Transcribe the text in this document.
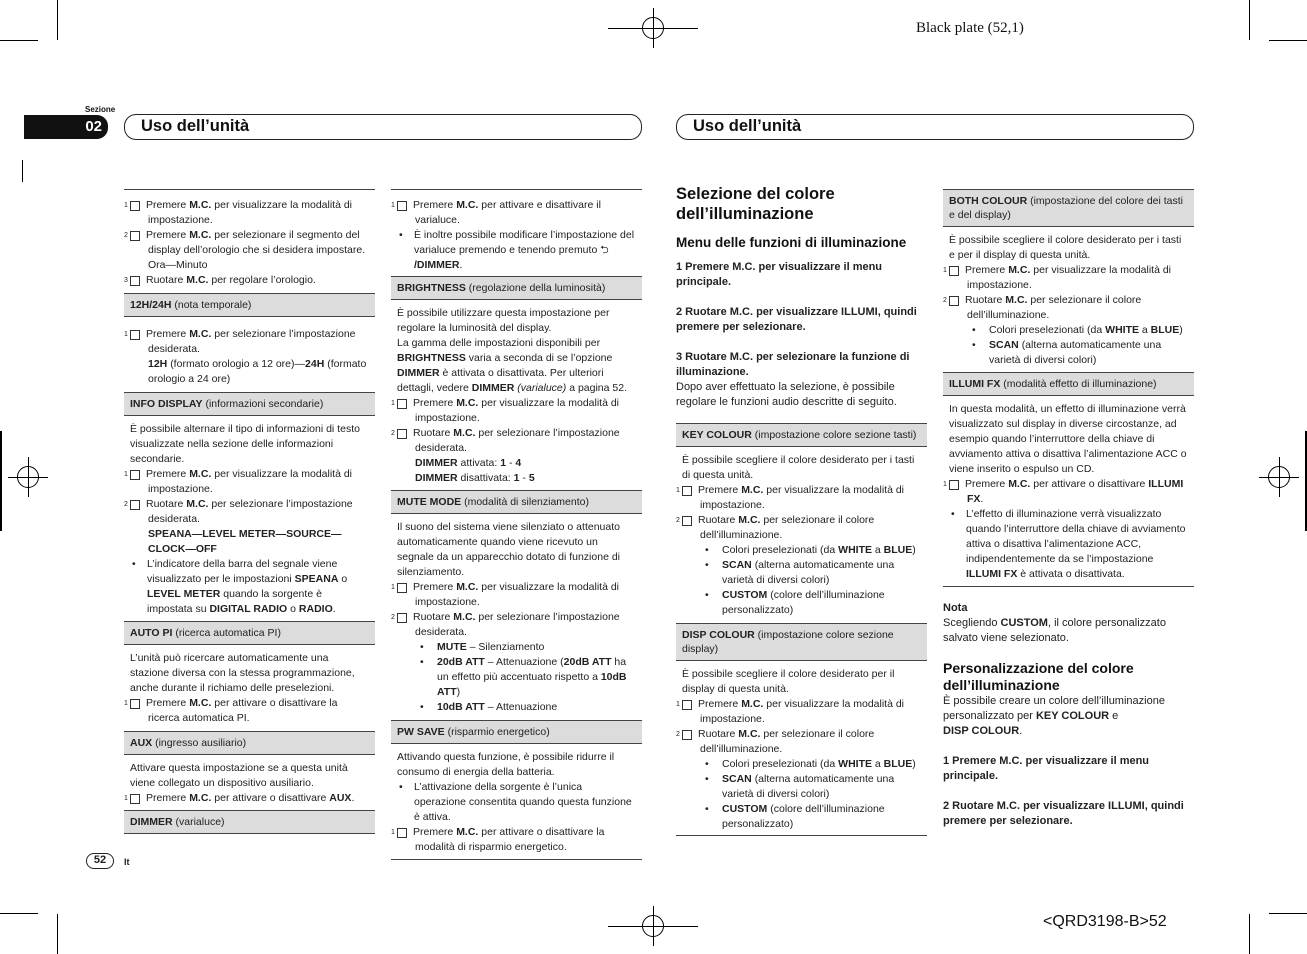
Black plate (52,1)
Sezione
02	Uso dell’unità	Uso dell’unità

1 Premere M.C. per visualizzare la modalità di impostazione.

2 Premere M.C. per selezionare il segmento del display dell’orologio che si desidera impostare.
Ora—Minuto

3 Ruotare M.C. per regolare l’orologio.

12H/24H (nota temporale)

1 Premere M.C. per selezionare l’impostazione desiderata.
12H (formato orologio a 12 ore)—24H (formato orologio a 24 ore)

INFO DISPLAY (informazioni secondarie)

È possibile alternare il tipo di informazioni di testo visualizzate nella sezione delle informazioni secondarie.

1 Premere M.C. per visualizzare la modalità di impostazione.

2 Ruotare M.C. per selezionare l’impostazione desiderata.
SPEANA—LEVEL METER—SOURCE—CLOCK—OFF

• L’indicatore della barra del segnale viene visualizzato per le impostazioni SPEANA o LEVEL METER quando la sorgente è impostata su DIGITAL RADIO o RADIO.

AUTO PI (ricerca automatica PI)

L’unità può ricercare automaticamente una stazione diversa con la stessa programmazione, anche durante il richiamo delle preselezioni.

1 Premere M.C. per attivare o disattivare la ricerca automatica PI.

AUX (ingresso ausiliario)

Attivare questa impostazione se a questa unità viene collegato un dispositivo ausiliario.

1 Premere M.C. per attivare o disattivare AUX.

DIMMER (varialuce)

1 Premere M.C. per attivare e disattivare il varialuce.

• È inoltre possibile modificare l’impostazione del varialuce premendo e tenendo premuto ⮌
/DIMMER.

BRIGHTNESS (regolazione della luminosità)

È possibile utilizzare questa impostazione per regolare la luminosità del display.

La gamma delle impostazioni disponibili per BRIGHTNESS varia a seconda di se l’opzione DIMMER è attivata o disattivata. Per ulteriori dettagli, vedere DIMMER (varialuce) a pagina 52.

1 Premere M.C. per visualizzare la modalità di impostazione.

2 Ruotare M.C. per selezionare l’impostazione desiderata.
DIMMER attivata: 1 - 4
DIMMER disattivata: 1 - 5

MUTE MODE (modalità di silenziamento)

Il suono del sistema viene silenziato o attenuato automaticamente quando viene ricevuto un segnale da un apparecchio dotato di funzione di silenziamento.

1 Premere M.C. per visualizzare la modalità di impostazione.

2 Ruotare M.C. per selezionare l’impostazione desiderata.

• MUTE – Silenziamento

• 20dB ATT – Attenuazione (20dB ATT ha un effetto più accentuato rispetto a 10dB ATT)

• 10dB ATT – Attenuazione

PW SAVE (risparmio energetico)

Attivando questa funzione, è possibile ridurre il consumo di energia della batteria.

• L’attivazione della sorgente è l’unica operazione consentita quando questa funzione è attiva.

1 Premere M.C. per attivare o disattivare la modalità di risparmio energetico.

Selezione del colore dell’illuminazione
Menu delle funzioni di illuminazione

1 Premere M.C. per visualizzare il menu principale.

2 Ruotare M.C. per visualizzare ILLUMI, quindi premere per selezionare.

3 Ruotare M.C. per selezionare la funzione di illuminazione.

Dopo aver effettuato la selezione, è possibile regolare le funzioni audio descritte di seguito.

KEY COLOUR (impostazione colore sezione tasti)

È possibile scegliere il colore desiderato per i tasti di questa unità.

1 Premere M.C. per visualizzare la modalità di impostazione.

2 Ruotare M.C. per selezionare il colore dell’illuminazione.

• Colori preselezionati (da WHITE a BLUE)

• SCAN (alterna automaticamente una varietà di diversi colori)

• CUSTOM (colore dell’illuminazione personalizzato)

DISP COLOUR (impostazione colore sezione display)

È possibile scegliere il colore desiderato per il display di questa unità.

1 Premere M.C. per visualizzare la modalità di impostazione.

2 Ruotare M.C. per selezionare il colore dell’illuminazione.

• Colori preselezionati (da WHITE a BLUE)

• SCAN (alterna automaticamente una varietà di diversi colori)

• CUSTOM (colore dell’illuminazione personalizzato)

BOTH COLOUR (impostazione del colore dei tasti e del display)

È possibile scegliere il colore desiderato per i tasti e per il display di questa unità.

1 Premere M.C. per visualizzare la modalità di impostazione.

2 Ruotare M.C. per selezionare il colore dell’illuminazione.

• Colori preselezionati (da WHITE a BLUE)

• SCAN (alterna automaticamente una varietà di diversi colori)

ILLUMI FX (modalità effetto di illuminazione)

In questa modalità, un effetto di illuminazione verrà visualizzato sul display in diverse circostanze, ad esempio quando l’interruttore della chiave di avviamento attiva o disattiva l’alimentazione ACC o viene inserito o espulso un CD.

1 Premere M.C. per attivare o disattivare ILLUMI FX.

• L’effetto di illuminazione verrà visualizzato quando l’interruttore della chiave di avviamento attiva o disattiva l’alimentazione ACC, indipendentemente da se l’impostazione ILLUMI FX è attivata o disattivata.

Nota

Scegliendo CUSTOM, il colore personalizzato salvato viene selezionato.

Personalizzazione del colore dell’illuminazione

È possibile creare un colore dell’illuminazione personalizzato per KEY COLOUR e
DISP COLOUR.

1 Premere M.C. per visualizzare il menu principale.

2 Ruotare M.C. per visualizzare ILLUMI, quindi premere per selezionare.

52	It
<QRD3198-B>52
